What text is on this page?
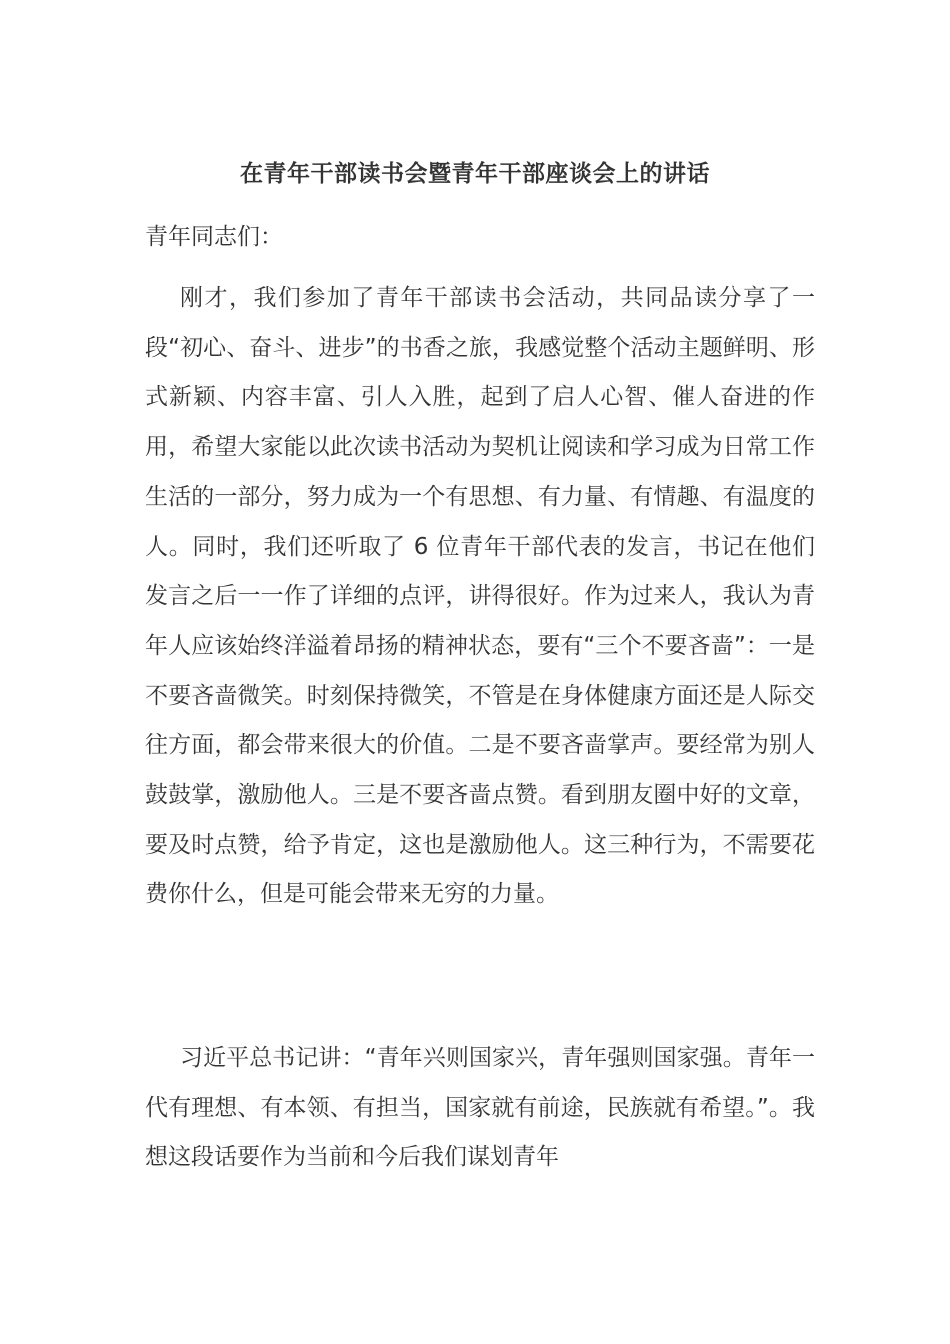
在青年干部读书会暨青年干部座谈会上的讲话
青年同志们：

刚才，我们参加了青年干部读书会活动，共同品读分享了一段“初心、奋斗、进步”的书香之旅，我感觉整个活动主题鲜明、形式新颖、内容丰富、引人入胜，起到了启人心智、催人奋进的作用，希望大家能以此次读书活动为契机让阅读和学习成为日常工作生活的一部分，努力成为一个有思想、有力量、有情趣、有温度的人。同时，我们还听取了 6 位青年干部代表的发言，书记在他们发言之后一一作了详细的点评，讲得很好。作为过来人，我认为青年人应该始终洋溢着昂扬的精神状态，要有“三个不要吝啬”：一是不要吝啬微笑。时刻保持微笑，不管是在身体健康方面还是人际交往方面，都会带来很大的价值。二是不要吝啬掌声。要经常为别人鼓鼓掌，激励他人。三是不要吝啬点赞。看到朋友圈中好的文章，要及时点赞，给予肯定，这也是激励他人。这三种行为，不需要花费你什么，但是可能会带来无穷的力量。

习近平总书记讲：“青年兴则国家兴，青年强则国家强。青年一代有理想、有本领、有担当，国家就有前途，民族就有希望。”。我想这段话要作为当前和今后我们谋划青年
